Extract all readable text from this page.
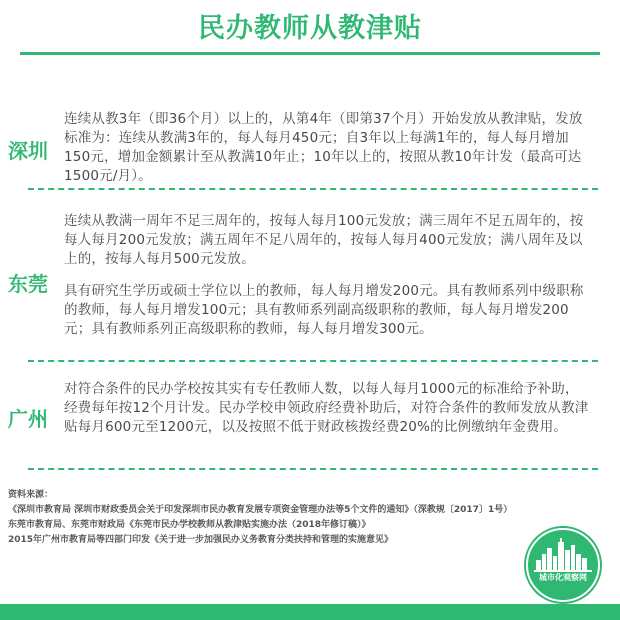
民办教师从教津贴
深圳
连续从教3年（即36个月）以上的，从第4年（即第37个月）开始发放从教津贴，发放标准为：连续从教满3年的，每人每月450元；自3年以上每满1年的，每人每月增加150元，增加金额累计至从教满10年止；10年以上的，按照从教10年计发（最高可达1500元/月）。
东莞
连续从教满一周年不足三周年的，按每人每月100元发放；满三周年不足五周年的，按每人每月200元发放；满五周年不足八周年的，按每人每月400元发放；满八周年及以上的，按每人每月500元发放。
具有研究生学历或硕士学位以上的教师，每人每月增发200元。具有教师系列中级职称的教师，每人每月增发100元；具有教师系列副高级职称的教师，每人每月增发200元；具有教师系列正高级职称的教师，每人每月增发300元。
广州
对符合条件的民办学校按其实有专任教师人数，以每人每月1000元的标准给予补助，经费每年按12个月计发。民办学校申领政府经费补助后，对符合条件的教师发放从教津贴每月600元至1200元，以及按照不低于财政核拨经费20%的比例缴纳年金费用。
资料来源：
《深圳市教育局 深圳市财政委员会关于印发深圳市民办教育发展专项资金管理办法等5个文件的通知》（深教规〔2017〕1号）
东莞市教育局、东莞市财政局《东莞市民办学校教师从教津贴实施办法（2018年修订稿）》
2015年广州市教育局等四部门印发《关于进一步加强民办义务教育分类扶持和管理的实施意见》
城市化观察网
